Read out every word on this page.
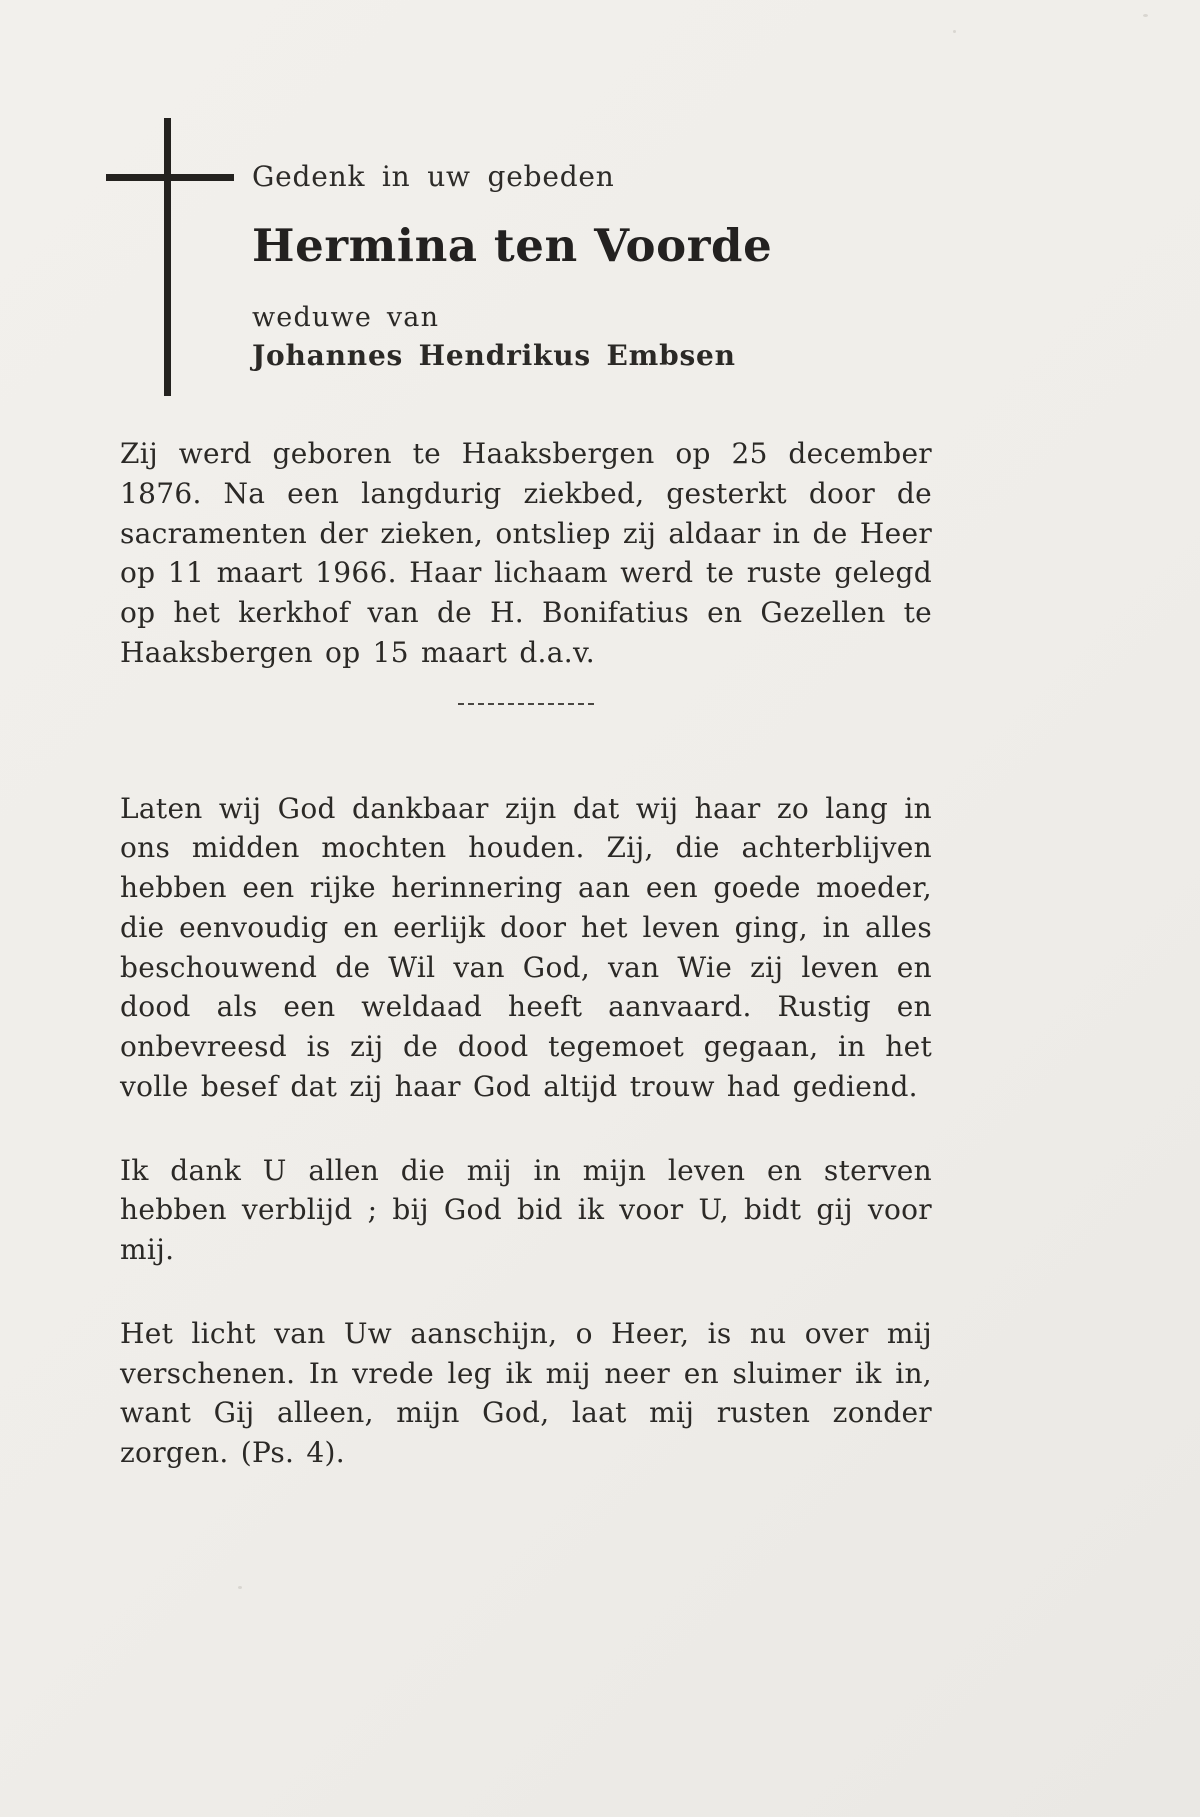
Gedenk in uw gebeden
Hermina ten Voorde
weduwe van
Johannes Hendrikus Embsen

Zij werd geboren te Haaksbergen op 25 december 1876. Na een langdurig ziekbed, gesterkt door de sacramenten der zieken, ontsliep zij aldaar in de Heer op 11 maart 1966. Haar lichaam werd te ruste gelegd op het kerkhof van de H. Bonifatius en Gezellen te Haaksbergen op 15 maart d.a.v.

Laten wij God dankbaar zijn dat wij haar zo lang in ons midden mochten houden. Zij, die achterblijven hebben een rijke herinnering aan een goede moeder, die eenvoudig en eerlijk door het leven ging, in alles beschouwend de Wil van God, van Wie zij leven en dood als een weldaad heeft aanvaard. Rustig en onbevreesd is zij de dood tegemoet gegaan, in het volle besef dat zij haar God altijd trouw had gediend.

Ik dank U allen die mij in mijn leven en sterven hebben verblijd ; bij God bid ik voor U, bidt gij voor mij.

Het licht van Uw aanschijn, o Heer, is nu over mij verschenen. In vrede leg ik mij neer en sluimer ik in, want Gij alleen, mijn God, laat mij rusten zonder zorgen. (Ps. 4).
